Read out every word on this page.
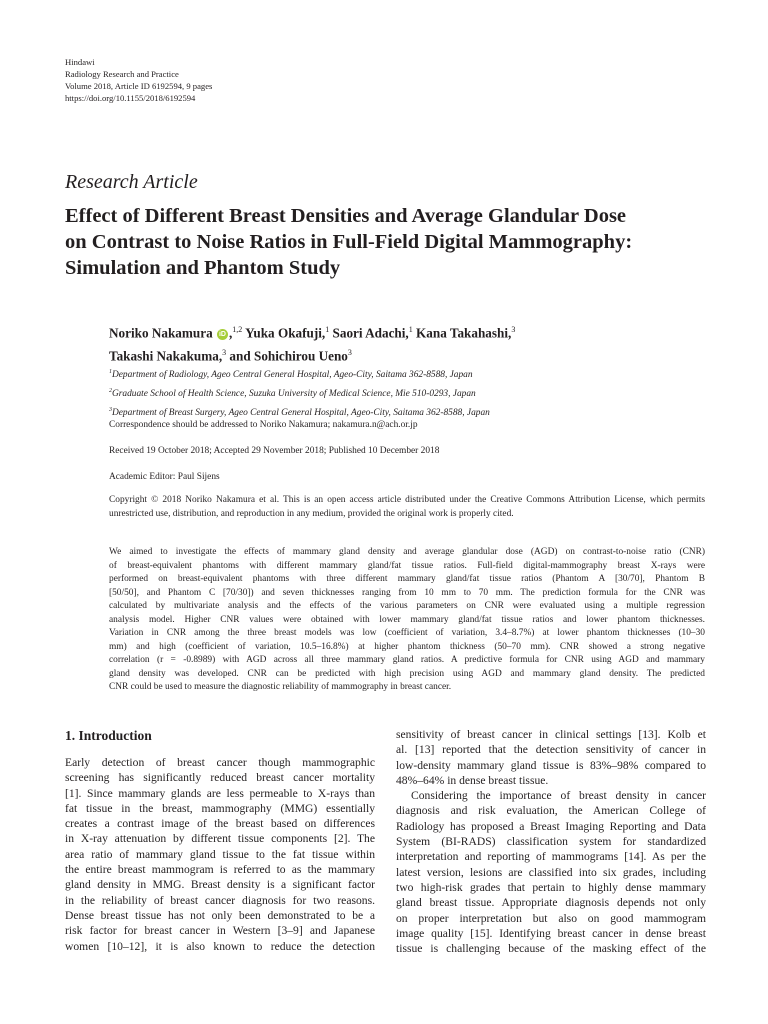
Hindawi
Radiology Research and Practice
Volume 2018, Article ID 6192594, 9 pages
https://doi.org/10.1155/2018/6192594
Research Article
Effect of Different Breast Densities and Average Glandular Dose
on Contrast to Noise Ratios in Full-Field Digital Mammography:
Simulation and Phantom Study
Noriko Nakamura iD ,$^{1,2}$ Yuka Okafuji,$^1$ Saori Adachi,$^1$ Kana Takahashi,$^3$
Takashi Nakakuma,$^3$ and Sohichirou Ueno$^3$
$^1$Department of Radiology, Ageo Central General Hospital, Ageo-City, Saitama 362-8588, Japan
$^2$Graduate School of Health Science, Suzuka University of Medical Science, Mie 510-0293, Japan
$^3$Department of Breast Surgery, Ageo Central General Hospital, Ageo-City, Saitama 362-8588, Japan
Correspondence should be addressed to Noriko Nakamura; nakamura.n@ach.or.jp
Received 19 October 2018; Accepted 29 November 2018; Published 10 December 2018
Academic Editor: Paul Sijens
Copyright © 2018 Noriko Nakamura et al. This is an open access article distributed under the Creative Commons Attribution License, which permits unrestricted use, distribution, and reproduction in any medium, provided the original work is properly cited.
We aimed to investigate the effects of mammary gland density and average glandular dose (AGD) on contrast-to-noise ratio (CNR)
of breast-equivalent phantoms with different mammary gland/fat tissue ratios. Full-field digital-mammography breast X-rays were
performed on breast-equivalent phantoms with three different mammary gland/fat tissue ratios (Phantom A [30/70], Phantom B
[50/50], and Phantom C [70/30]) and seven thicknesses ranging from 10 mm to 70 mm. The prediction formula for the CNR was
calculated by multivariate analysis and the effects of the various parameters on CNR were evaluated using a multiple regression
analysis model. Higher CNR values were obtained with lower mammary gland/fat tissue ratios and lower phantom thicknesses.
Variation in CNR among the three breast models was low (coefficient of variation, 3.4–8.7%) at lower phantom thicknesses (10–30
mm) and high (coefficient of variation, 10.5–16.8%) at higher phantom thickness (50–70 mm). CNR showed a strong negative
correlation (r = -0.8989) with AGD across all three mammary gland ratios. A predictive formula for CNR using AGD and mammary
gland density was developed. CNR can be predicted with high precision using AGD and mammary gland density. The predicted
CNR could be used to measure the diagnostic reliability of mammography in breast cancer.
1. Introduction
Early detection of breast cancer though mammographic
screening has significantly reduced breast cancer mortality
[1]. Since mammary glands are less permeable to X-rays than
fat tissue in the breast, mammography (MMG) essentially
creates a contrast image of the breast based on differences
in X-ray attenuation by different tissue components [2]. The
area ratio of mammary gland tissue to the fat tissue within
the entire breast mammogram is referred to as the mammary
gland density in MMG. Breast density is a significant factor
in the reliability of breast cancer diagnosis for two reasons.
Dense breast tissue has not only been demonstrated to be a
risk factor for breast cancer in Western [3–9] and Japanese
women [10–12], it is also known to reduce the detection
sensitivity of breast cancer in clinical settings [13]. Kolb et
al. [13] reported that the detection sensitivity of cancer in
low-density mammary gland tissue is 83%–98% compared to
48%–64% in dense breast tissue.
Considering the importance of breast density in cancer
diagnosis and risk evaluation, the American College of
Radiology has proposed a Breast Imaging Reporting and Data
System (BI-RADS) classification system for standardized
interpretation and reporting of mammograms [14]. As per the
latest version, lesions are classified into six grades, including
two high-risk grades that pertain to highly dense mammary
gland breast tissue. Appropriate diagnosis depends not only
on proper interpretation but also on good mammogram
image quality [15]. Identifying breast cancer in dense breast
tissue is challenging because of the masking effect of the
